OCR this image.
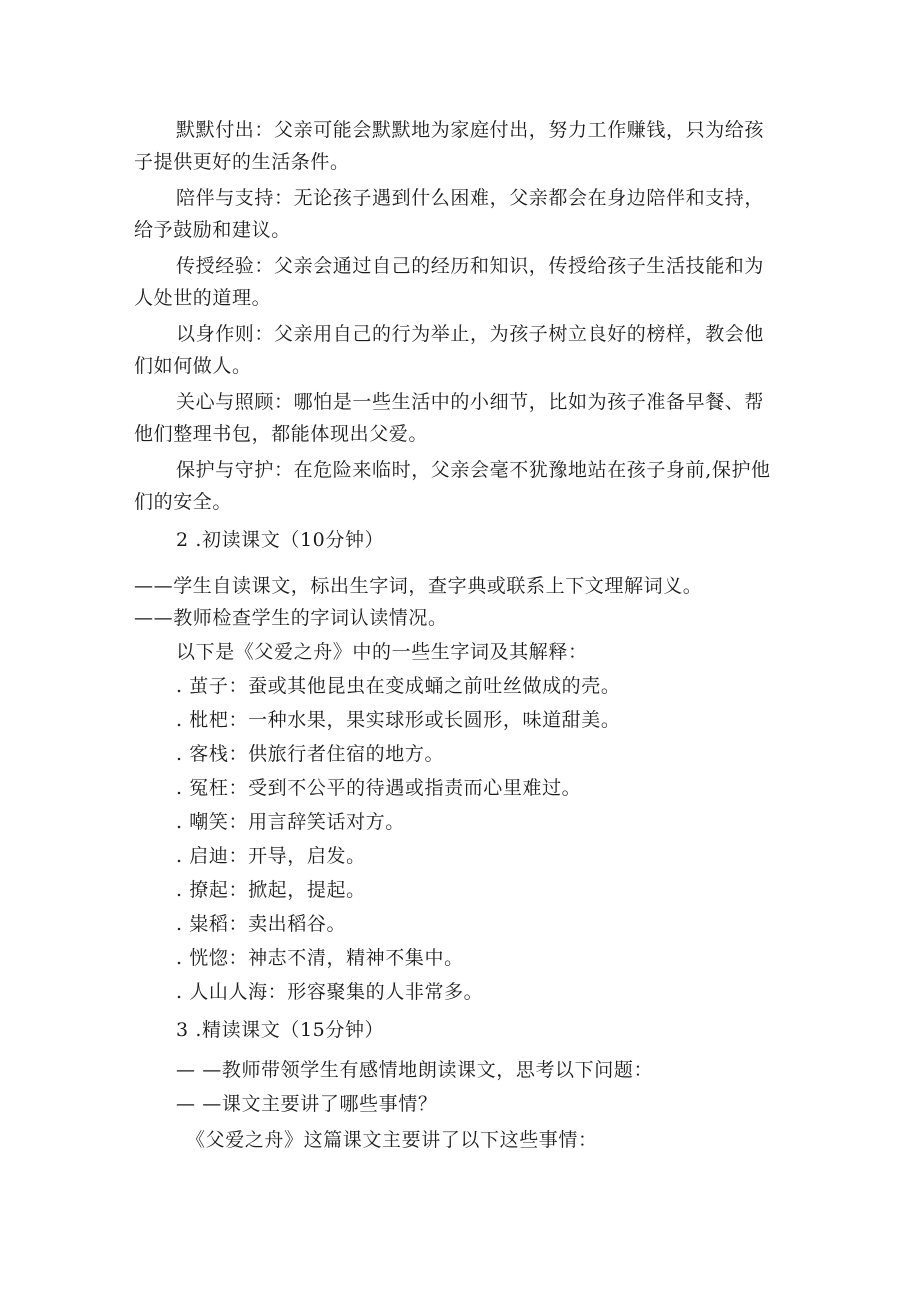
默默付出：父亲可能会默默地为家庭付出，努力工作赚钱，只为给孩
子提供更好的生活条件。
陪伴与支持：无论孩子遇到什么困难，父亲都会在身边陪伴和支持，
给予鼓励和建议。
传授经验：父亲会通过自己的经历和知识，传授给孩子生活技能和为
人处世的道理。
以身作则：父亲用自己的行为举止，为孩子树立良好的榜样，教会他
们如何做人。
关心与照顾：哪怕是一些生活中的小细节，比如为孩子准备早餐、帮
他们整理书包，都能体现出父爱。
保护与守护：在危险来临时，父亲会毫不犹豫地站在孩子身前,保护他
们的安全。
2 .初读课文（10分钟）
——学生自读课文，标出生字词，查字典或联系上下文理解词义。
——教师检查学生的字词认读情况。
以下是《父爱之舟》中的一些生字词及其解释：
. 茧子：蚕或其他昆虫在变成蛹之前吐丝做成的壳。
. 枇杷：一种水果，果实球形或长圆形，味道甜美。
. 客栈：供旅行者住宿的地方。
. 冤枉：受到不公平的待遇或指责而心里难过。
. 嘲笑：用言辞笑话对方。
. 启迪：开导，启发。
. 撩起：掀起，提起。
. 粜稻：卖出稻谷。
. 恍惚：神志不清，精神不集中。
. 人山人海：形容聚集的人非常多。
3 .精读课文（15分钟）
— —教师带领学生有感情地朗读课文，思考以下问题：
— —课文主要讲了哪些事情？
《父爱之舟》这篇课文主要讲了以下这些事情：
